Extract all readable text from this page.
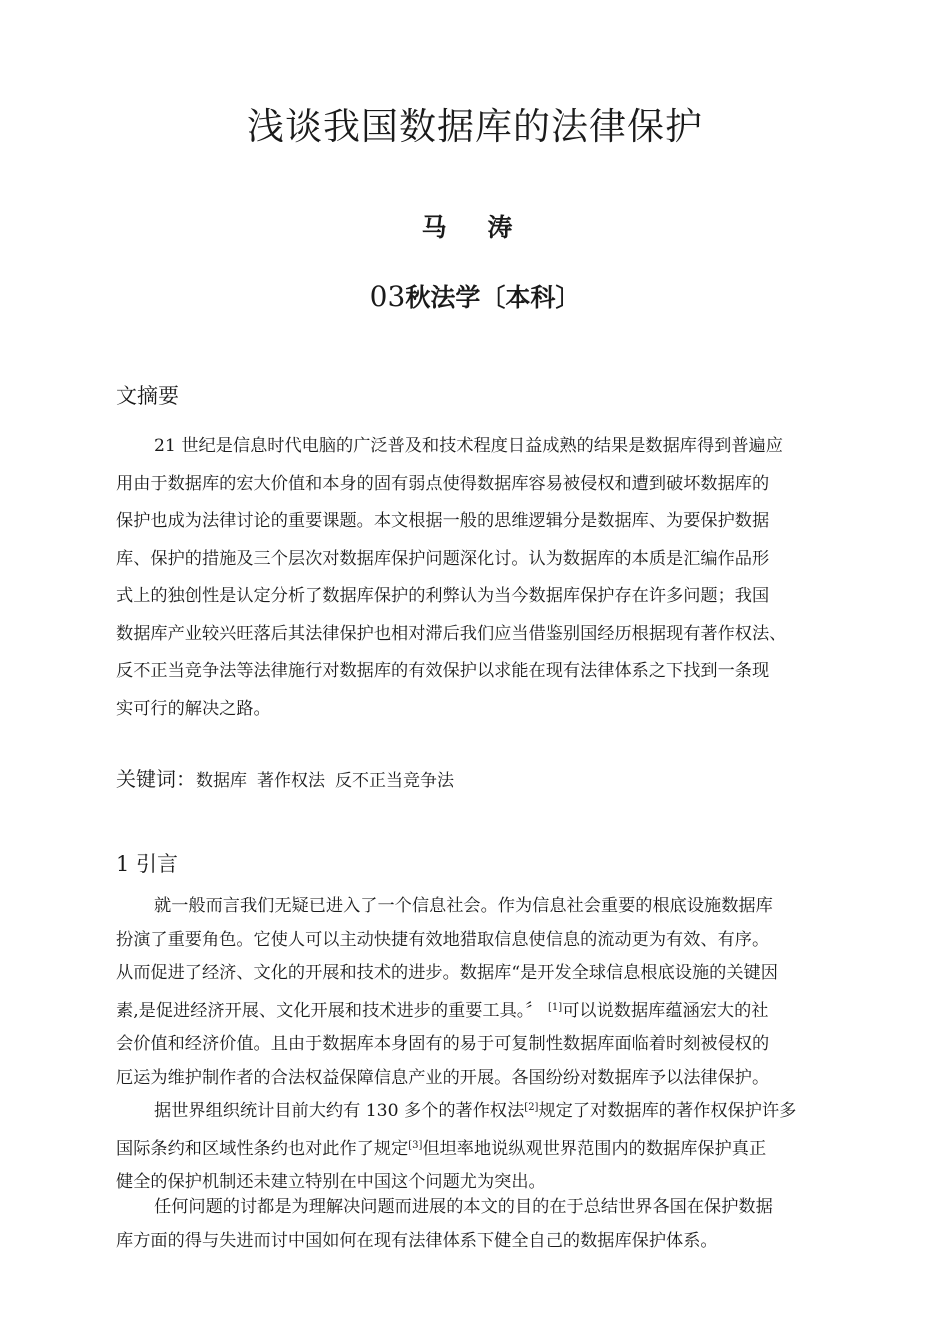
浅谈我国数据库的法律保护
马 涛
03秋法学〔本科〕
文摘要
21 世纪是信息时代电脑的广泛普及和技术程度日益成熟的结果是数据库得到普遍应
用由于数据库的宏大价值和本身的固有弱点使得数据库容易被侵权和遭到破坏数据库的
保护也成为法律讨论的重要课题。本文根据一般的思维逻辑分是数据库、为要保护数据
库、保护的措施及三个层次对数据库保护问题深化讨。认为数据库的本质是汇编作品形
式上的独创性是认定分析了数据库保护的利弊认为当今数据库保护存在许多问题；我国
数据库产业较兴旺落后其法律保护也相对滞后我们应当借鉴别国经历根据现有著作权法、
反不正当竞争法等法律施行对数据库的有效保护以求能在现有法律体系之下找到一条现
实可行的解决之路。
关键词：数据库 著作权法 反不正当竞争法
1 引言
就一般而言我们无疑已进入了一个信息社会。作为信息社会重要的根底设施数据库
扮演了重要角色。它使人可以主动快捷有效地猎取信息使信息的流动更为有效、有序。
从而促进了经济、文化的开展和技术的进步。数据库“是开发全球信息根底设施的关键因
素,是促进经济开展、文化开展和技术进步的重要工具。〞 [1]可以说数据库蕴涵宏大的社
会价值和经济价值。且由于数据库本身固有的易于可复制性数据库面临着时刻被侵权的
厄运为维护制作者的合法权益保障信息产业的开展。各国纷纷对数据库予以法律保护。
据世界组织统计目前大约有 130 多个的著作权法[2]规定了对数据库的著作权保护许多
国际条约和区域性条约也对此作了规定[3]但坦率地说纵观世界范围内的数据库保护真正
健全的保护机制还未建立特别在中国这个问题尤为突出。
任何问题的讨都是为理解决问题而进展的本文的目的在于总结世界各国在保护数据
库方面的得与失进而讨中国如何在现有法律体系下健全自己的数据库保护体系。
